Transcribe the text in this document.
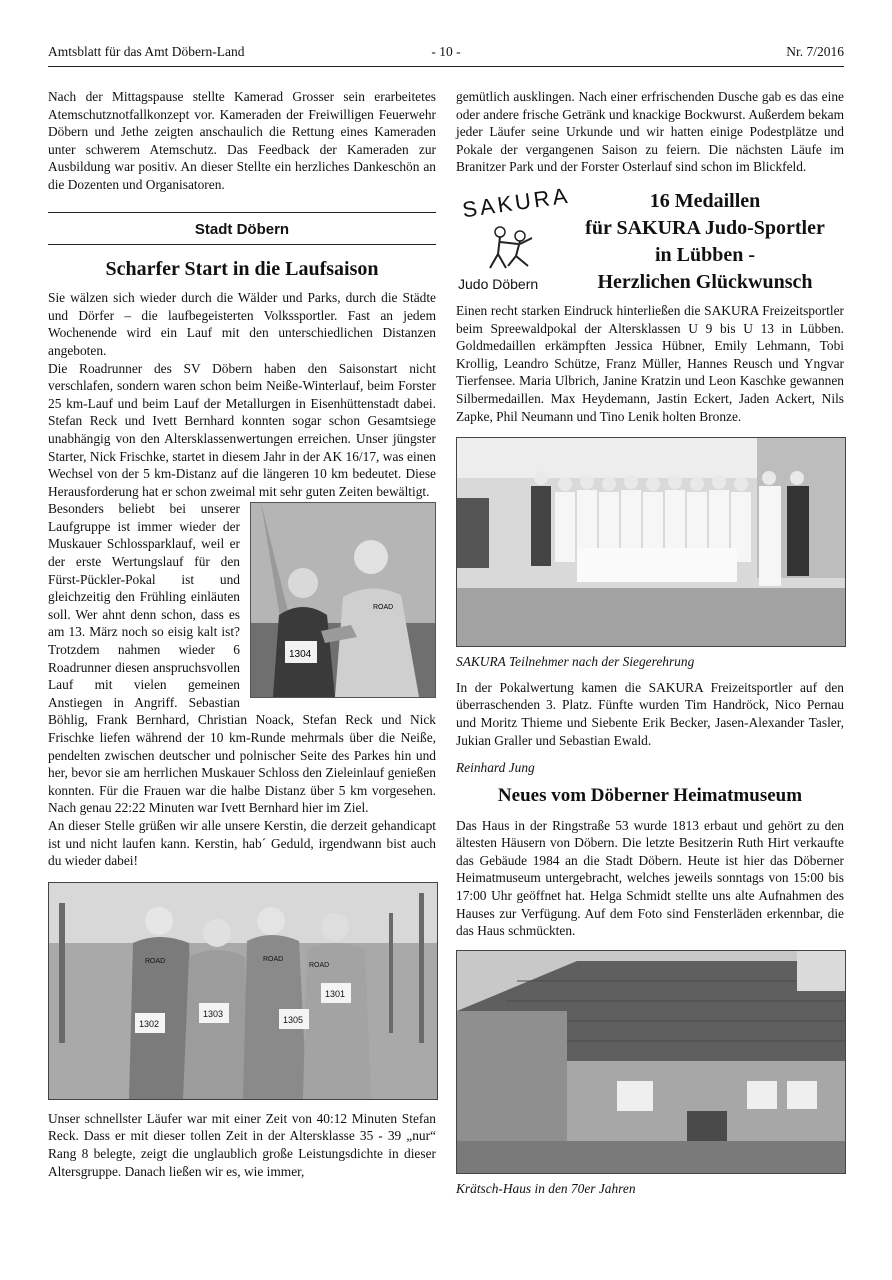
Amtsblatt für das Amt Döbern-Land	- 10 -	Nr. 7/2016

Nach der Mittagspause stellte Kamerad Grosser sein erarbeitetes Atemschutznotfallkonzept vor. Kameraden der Freiwilligen Feuerwehr Döbern und Jethe zeigten anschaulich die Rettung eines Kameraden unter schwerem Atemschutz. Das Feedback der Kameraden zur Ausbildung war positiv. An dieser Stellte ein herzliches Dankeschön an die Dozenten und Organisatoren.

Stadt Döbern
Scharfer Start in die Laufsaison

Sie wälzen sich wieder durch die Wälder und Parks, durch die Städte und Dörfer – die laufbegeisterten Volkssportler. Fast an jedem Wochenende wird ein Lauf mit den unterschiedlichen Distanzen angeboten.

Die Roadrunner des SV Döbern haben den Saisonstart nicht verschlafen, sondern waren schon beim Neiße-Winterlauf, beim Forster 25 km-Lauf und beim Lauf der Metallurgen in Eisenhüttenstadt dabei. Stefan Reck und Ivett Bernhard konnten sogar schon Gesamtsiege unabhängig von den Altersklassenwertungen erreichen. Unser jüngster Starter, Nick Frischke, startet in diesem Jahr in der AK 16/17, was einen Wechsel von der 5 km-Distanz auf die längeren 10 km bedeutet. Diese Herausforderung hat er schon zweimal mit sehr guten Zeiten bewältigt.

1304
ROAD
Besonders beliebt bei unserer Laufgruppe ist immer wieder der Muskauer Schlossparklauf, weil er der erste Wertungslauf für den Fürst-Pückler-Pokal ist und gleichzeitig den Frühling einläuten soll. Wer ahnt denn schon, dass es am 13. März noch so eisig kalt ist? Trotzdem nahmen wieder 6 Roadrunner diesen anspruchsvollen Lauf mit vielen gemeinen Anstiegen in Angriff. Sebastian Böhlig, Frank Bernhard, Christian Noack, Stefan Reck und Nick Frischke liefen während der 10 km-Runde mehrmals über die Neiße, pendelten zwischen deutscher und polnischer Seite des Parkes hin und her, bevor sie am herrlichen Muskauer Schloss den Zieleinlauf genießen konnten. Für die Frauen war die halbe Distanz über 5 km vorgesehen. Nach genau 22:22 Minuten war Ivett Bernhard hier im Ziel.

An dieser Stelle grüßen wir alle unsere Kerstin, die derzeit gehandicapt ist und nicht laufen kann. Kerstin, hab´ Geduld, irgendwann bist auch du wieder dabei!

1302
1303
1305
1301
ROAD	ROAD
ROAD

Unser schnellster Läufer war mit einer Zeit von 40:12 Minuten Stefan Reck. Dass er mit dieser tollen Zeit in der Altersklasse 35 - 39 „nur“ Rang 8 belegte, zeigt die unglaublich große Leistungsdichte in dieser Altersgruppe. Danach ließen wir es, wie immer,

gemütlich ausklingen. Nach einer erfrischenden Dusche gab es das eine oder andere frische Getränk und knackige Bockwurst. Außerdem bekam jeder Läufer seine Urkunde und wir hatten einige Podestplätze und Pokale der vergangenen Saison zu feiern. Die nächsten Läufe im Branitzer Park und der Forster Osterlauf sind schon im Blickfeld.

SAKURA
Judo Döbern
16 Medaillen
für SAKURA Judo-Sportler
in Lübben -
Herzlichen Glückwunsch

Einen recht starken Eindruck hinterließen die SAKURA Freizeitsportler beim Spreewaldpokal der Altersklassen U 9 bis U 13 in Lübben. Goldmedaillen erkämpften Jessica Hübner, Emily Lehmann, Tobi Krollig, Leandro Schütze, Franz Müller, Hannes Reusch und Yngvar Tierfensee. Maria Ulbrich, Janine Kratzin und Leon Kaschke gewannen Silbermedaillen. Max Heydemann, Jastin Eckert, Jaden Ackert, Nils Zapke, Phil Neumann und Tino Lenik holten Bronze.

SAKURA Teilnehmer nach der Siegerehrung

In der Pokalwertung kamen die SAKURA Freizeitsportler auf den überraschenden 3. Platz. Fünfte wurden Tim Handröck, Nico Pernau und Moritz Thieme und Siebente Erik Becker, Jasen-Alexander Tasler, Jukian Graller und Sebastian Ewald.

Reinhard Jung
Neues vom Döberner Heimatmuseum

Das Haus in der Ringstraße 53 wurde 1813 erbaut und gehört zu den ältesten Häusern von Döbern. Die letzte Besitzerin Ruth Hirt verkaufte das Gebäude 1984 an die Stadt Döbern. Heute ist hier das Döberner Heimatmuseum untergebracht, welches jeweils sonntags von 15:00 bis 17:00 Uhr geöffnet hat. Helga Schmidt stellte uns alte Aufnahmen des Hauses zur Verfügung. Auf dem Foto sind Fensterläden erkennbar, die das Haus schmückten.

Krätsch-Haus in den 70er Jahren
